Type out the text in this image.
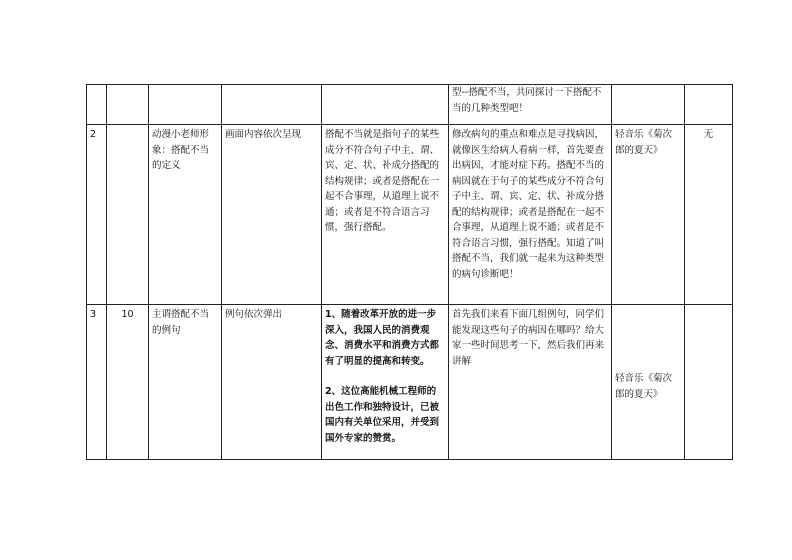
					型--搭配不当，共同探讨一下搭配不当的几种类型吧！		
2		动漫小老师形象：搭配不当的定义	画面内容依次呈现	搭配不当就是指句子的某些成分不符合句子中主、谓、宾、定、状、补成分搭配的结构规律；或者是搭配在一起不合事理，从道理上说不通；或者是不符合语言习惯，强行搭配。	修改病句的重点和难点是寻找病因，就像医生给病人看病一样，首先要查出病因，才能对症下药。搭配不当的病因就在于句子的某些成分不符合句子中主、谓、宾、定、状、补成分搭配的结构规律；或者是搭配在一起不合事理，从道理上说不通；或者是不符合语言习惯，强行搭配。知道了叫搭配不当，我们就一起来为这种类型的病句诊断吧！	轻音乐《菊次郎的夏天》	无
3	10	主谓搭配不当的例句	例句依次弹出	1、随着改革开放的进一步深入，我国人民的消费观念、消费水平和消费方式都有了明显的提高和转变。
2、这位高能机械工程师的出色工作和独特设计，已被国内有关单位采用，并受到国外专家的赞赏。	首先我们来看下面几组例句，同学们能发现这些句子的病因在哪吗？给大家一些时间思考一下，然后我们再来讲解	轻音乐《菊次郎的夏天》	
